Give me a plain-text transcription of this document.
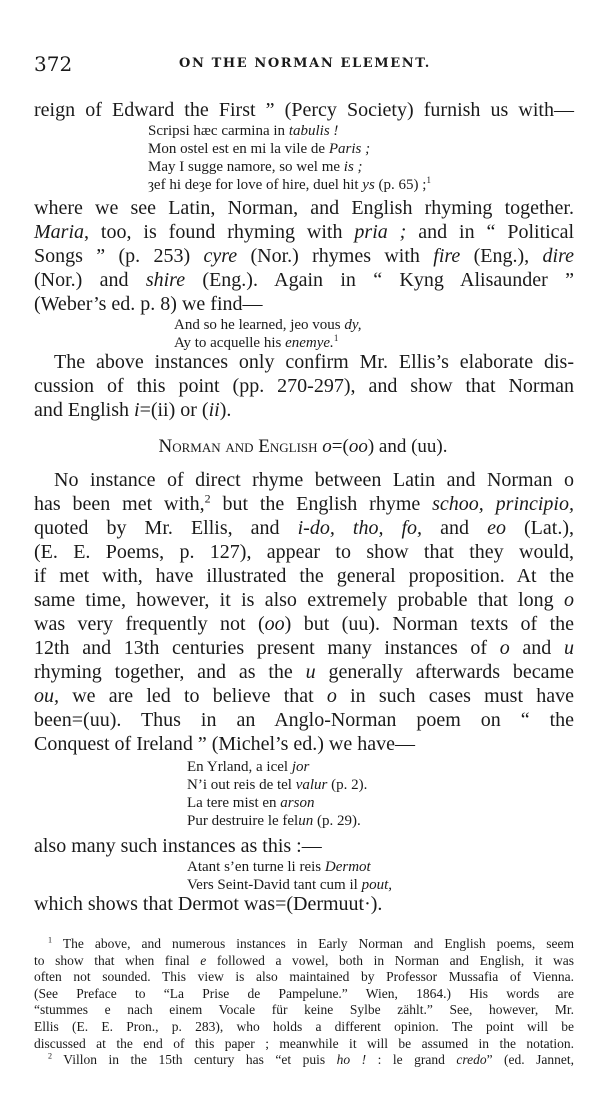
372	ON THE NORMAN ELEMENT.
reign of Edward the First ” (Percy Society) furnish us with—
Scripsi hæc carmina in tabulis !
Mon ostel est en mi la vile de Paris ;
May I sugge namore, so wel me is ;
ȝef hi deȝe for love of hire, duel hit ys (p. 65) ;$^1$
where we see Latin, Norman, and English rhyming together.
Maria, too, is found rhyming with pria ; and in “ Political
Songs ” (p. 253) cyre (Nor.) rhymes with fire (Eng.), dire
(Nor.) and shire (Eng.). Again in “ Kyng Alisaunder ”
(Weber’s ed. p. 8) we find—
And so he learned, jeo vous dy,
Ay to acquelle his enemye.$^1$
The above instances only confirm Mr. Ellis’s elaborate dis-
cussion of this point (pp. 270-297), and show that Norman
and English i=(ii) or (ii).
Norman and English o=(oo) and (uu).
No instance of direct rhyme between Latin and Norman o
has been met with,$^2$ but the English rhyme schoo, principio,
quoted by Mr. Ellis, and i-do, tho, fo, and eo (Lat.),
(E. E. Poems, p. 127), appear to show that they would,
if met with, have illustrated the general proposition. At the
same time, however, it is also extremely probable that long o
was very frequently not (oo) but (uu). Norman texts of the
12th and 13th centuries present many instances of o and u
rhyming together, and as the u generally afterwards became
ou, we are led to believe that o in such cases must have
been=(uu). Thus in an Anglo-Norman poem on “ the
Conquest of Ireland ” (Michel’s ed.) we have—
En Yrland, a icel jor
N’i out reis de tel valur (p. 2).
La tere mist en arson
Pur destruire le felun (p. 29).
also many such instances as this :—
Atant s’en turne li reis Dermot
Vers Seint-David tant cum il pout,
which shows that Dermot was=(Dermuut·).
$^1$ The above, and numerous instances in Early Norman and English poems, seem
to show that when final e followed a vowel, both in Norman and English, it was
often not sounded. This view is also maintained by Professor Mussafia of Vienna.
(See Preface to “La Prise de Pampelune.” Wien, 1864.) His words are
“stummes e nach einem Vocale für keine Sylbe zählt.” See, however, Mr.
Ellis (E. E. Pron., p. 283), who holds a different opinion. The point will be
discussed at the end of this paper ; meanwhile it will be assumed in the notation.
$^2$ Villon in the 15th century has “et puis ho ! : le grand credo” (ed. Jannet,
